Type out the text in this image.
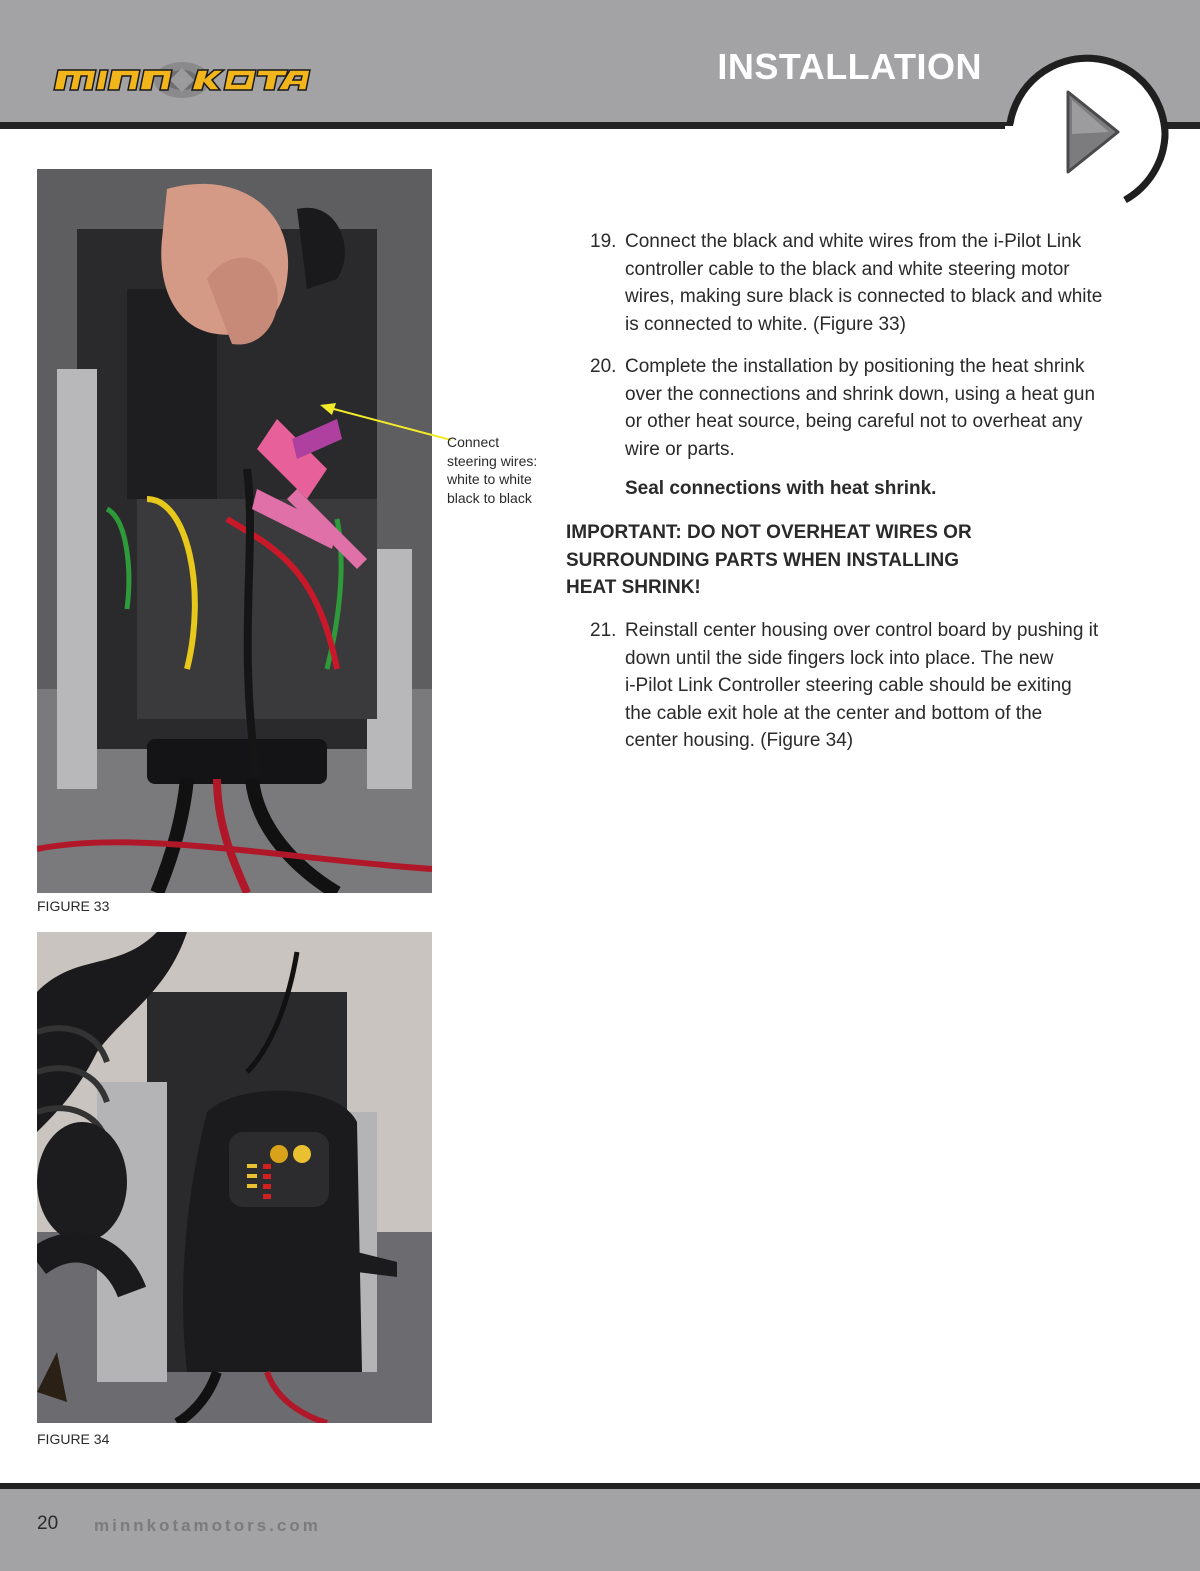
INSTALLATION
FIGURE 33
Connect
steering wires:
white to white
black to black
FIGURE 34
19. Connect the black and white wires from the i-Pilot Link
controller cable to the black and white steering motor
wires, making sure black is connected to black and white
is connected to white. (Figure 33)
20. Complete the installation by positioning the heat shrink
over the connections and shrink down, using a heat gun
or other heat source, being careful not to overheat any
wire or parts.
Seal connections with heat shrink.
IMPORTANT: DO NOT OVERHEAT WIRES OR
SURROUNDING PARTS WHEN INSTALLING
HEAT SHRINK!
21. Reinstall center housing over control board by pushing it
down until the side fingers lock into place. The new
i-Pilot Link Controller steering cable should be exiting
the cable exit hole at the center and bottom of the
center housing. (Figure 34)
20 minnkotamotors.com
